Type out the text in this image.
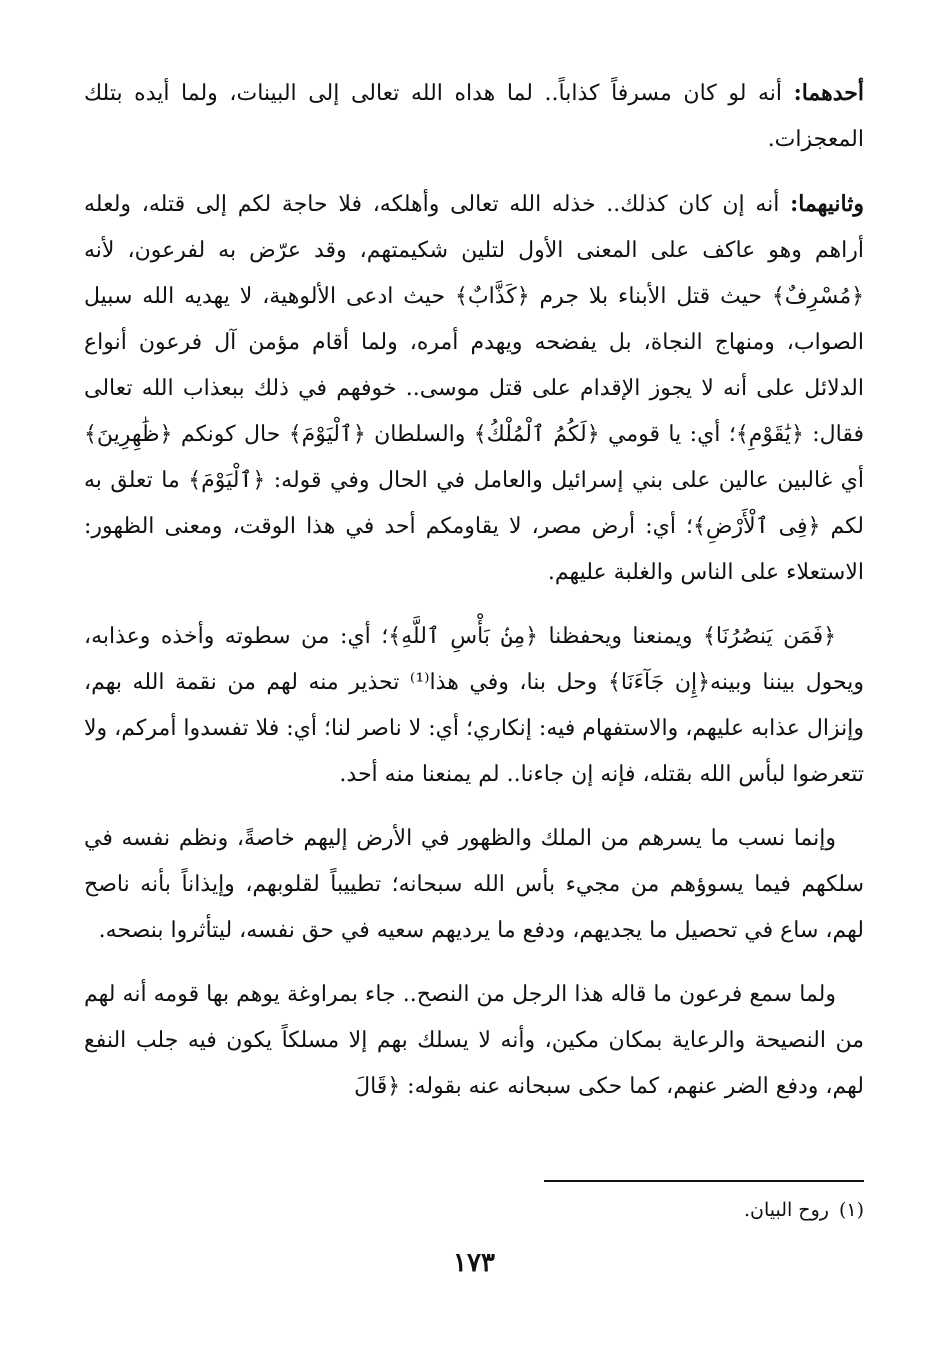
أحدهما: أنه لو كان مسرفاً كذاباً.. لما هداه الله تعالى إلى البينات، ولما أيده بتلك المعجزات.

وثانيهما: أنه إن كان كذلك.. خذله الله تعالى وأهلكه، فلا حاجة لكم إلى قتله، ولعله أراهم وهو عاكف على المعنى الأول لتلين شكيمتهم، وقد عرّض به لفرعون، لأنه ﴿مُسْرِفٌ﴾ حيث قتل الأبناء بلا جرم ﴿كَذَّابٌ﴾ حيث ادعى الألوهية، لا يهديه الله سبيل الصواب، ومنهاج النجاة، بل يفضحه ويهدم أمره، ولما أقام مؤمن آل فرعون أنواع الدلائل على أنه لا يجوز الإقدام على قتل موسى.. خوفهم في ذلك ببعذاب الله تعالى فقال: ﴿يَٰقَوْمِ﴾؛ أي: يا قومي ﴿لَكُمُ ٱلْمُلْكُ﴾ والسلطان ﴿ٱلْيَوْمَ﴾ حال كونكم ﴿ظَٰهِرِينَ﴾ أي غالبين عالين على بني إسرائيل والعامل في الحال وفي قوله: ﴿ٱلْيَوْمَ﴾ ما تعلق به لكم ﴿فِى ٱلْأَرْضِ﴾؛ أي: أرض مصر، لا يقاومكم أحد في هذا الوقت، ومعنى الظهور: الاستعلاء على الناس والغلبة عليهم.

﴿فَمَن يَنصُرُنَا﴾ ويمنعنا ويحفظنا ﴿مِنۢ بَأْسِ ٱللَّهِ﴾؛ أي: من سطوته وأخذه وعذابه، ويحول بيننا وبينه﴿إِن جَآءَنَا﴾ وحل بنا، وفي هذا⁽¹⁾ تحذير منه لهم من نقمة الله بهم، وإنزال عذابه عليهم، والاستفهام فيه: إنكاري؛ أي: لا ناصر لنا؛ أي: فلا تفسدوا أمركم، ولا تتعرضوا لبأس الله بقتله، فإنه إن جاءنا.. لم يمنعنا منه أحد.

وإنما نسب ما يسرهم من الملك والظهور في الأرض إليهم خاصةً، ونظم نفسه في سلكهم فيما يسوؤهم من مجيء بأس الله سبحانه؛ تطييباً لقلوبهم، وإيذاناً بأنه ناصح لهم، ساع في تحصيل ما يجديهم، ودفع ما يرديهم سعيه في حق نفسه، ليتأثروا بنصحه.

ولما سمع فرعون ما قاله هذا الرجل من النصح.. جاء بمراوغة يوهم بها قومه أنه لهم من النصيحة والرعاية بمكان مكين، وأنه لا يسلك بهم إلا مسلكاً يكون فيه جلب النفع لهم، ودفع الضر عنهم، كما حكى سبحانه عنه بقوله: ﴿قَالَ

(١)روح البيان.
١٧٣
